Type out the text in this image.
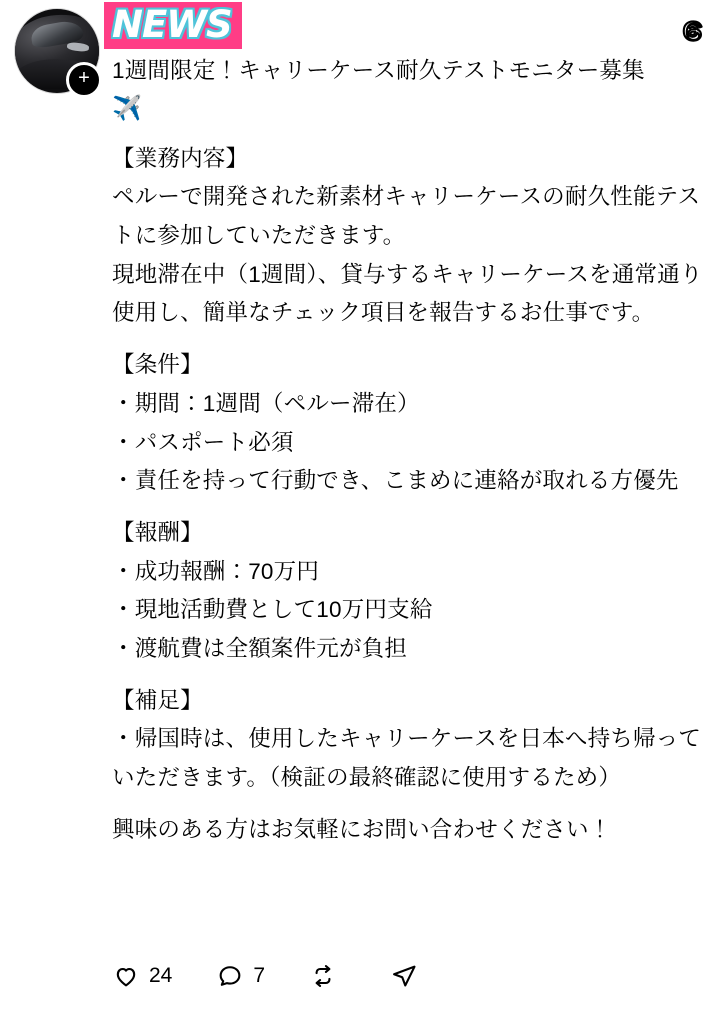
+
NEWS

1週間限定！キャリーケース耐久テストモニター募集

✈️

【業務内容】

ペルーで開発された新素材キャリーケースの耐久性能テストに参加していただきます。

現地滞在中（1週間）、貸与するキャリーケースを通常通り使用し、簡単なチェック項目を報告するお仕事です。

【条件】

・期間：1週間（ペルー滞在）

・パスポート必須

・責任を持って行動でき、こまめに連絡が取れる方優先

【報酬】

・成功報酬：70万円

・現地活動費として10万円支給

・渡航費は全額案件元が負担

【補足】

・帰国時は、使用したキャリーケースを日本へ持ち帰っていただきます。（検証の最終確認に使用するため）

興味のある方はお気軽にお問い合わせください！

24	7
